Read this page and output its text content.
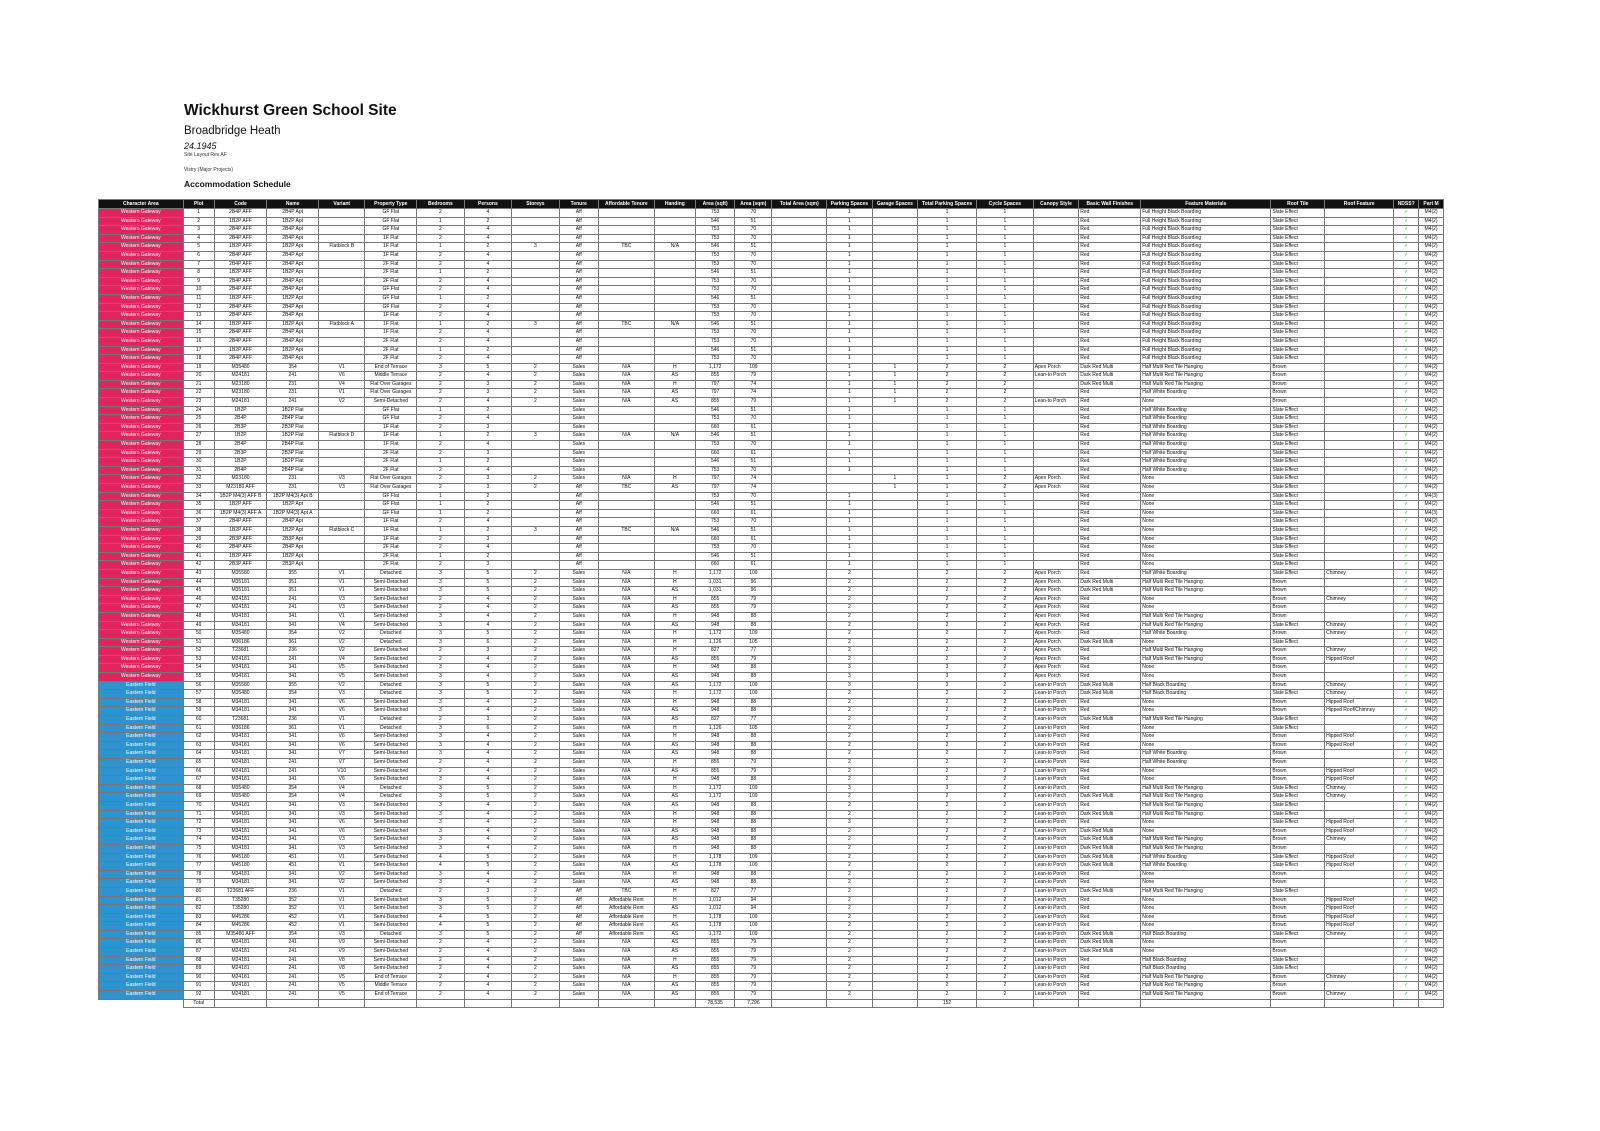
Wickhurst Green School Site
Broadbridge Heath
24.1945
Site Layout Rev AF
Vistry (Major Projects)
Accommodation Schedule
Character Area	Plot	Code	Name	Variant	Property Type	Bedrooms	Persons	Storeys	Tenure	Affordable Tenure	Handing	Area (sqft)	Area (sqm)	Total Area (sqm)	Parking Spaces	Garage Spaces	Total Parking Spaces	Cycle Spaces	Canopy Style	Basic Wall Finishes	Feature Materials	Roof Tile	Roof Feature	NDSS?	Part M
Western Gateway	1	2B4P AFF	2B4P Apt		GF Flat	2	4		Aff			753	70		1		1	1		Red	Full Height Black Boarding	Slate Effect		✓	M4(2)
Western Gateway	2	1B2P AFF	1B2P Apt		GF Flat	1	2		Aff			546	51		1		1	1		Red	Full Height Black Boarding	Slate Effect		✓	M4(2)
Western Gateway	3	2B4P AFF	2B4P Apt		GF Flat	2	4		Aff			753	70		1		1	1		Red	Full Height Black Boarding	Slate Effect		✓	M4(2)
Western Gateway	4	2B4P AFF	2B4P Apt		1F Flat	2	4		Aff			753	70		1		1	1		Red	Full Height Black Boarding	Slate Effect		✓	M4(2)
Western Gateway	5	1B2P AFF	1B2P Apt	Flatblock B	1F Flat	1	2	3	Aff	TBC	N/A	546	51		1		1	1		Red	Full Height Black Boarding	Slate Effect		✓	M4(2)
Western Gateway	6	2B4P AFF	2B4P Apt		1F Flat	2	4		Aff			753	70		1		1	1		Red	Full Height Black Boarding	Slate Effect		✓	M4(2)
Western Gateway	7	2B4P AFF	2B4P Apt		2F Flat	2	4		Aff			753	70		1		1	1		Red	Full Height Black Boarding	Slate Effect		✓	M4(2)
Western Gateway	8	1B2P AFF	1B2P Apt		2F Flat	1	2		Aff			546	51		1		1	1		Red	Full Height Black Boarding	Slate Effect		✓	M4(2)
Western Gateway	9	2B4P AFF	2B4P Apt		2F Flat	2	4		Aff			753	70		1		1	1		Red	Full Height Black Boarding	Slate Effect		✓	M4(2)
Western Gateway	10	2B4P AFF	2B4P Apt		GF Flat	2	4		Aff			753	70		1		1	1		Red	Full Height Black Boarding	Slate Effect		✓	M4(2)
Western Gateway	11	1B2P AFF	1B2P Apt		GF Flat	1	2		Aff			546	51		1		1	1		Red	Full Height Black Boarding	Slate Effect		✓	M4(2)
Western Gateway	12	2B4P AFF	2B4P Apt		GF Flat	2	4		Aff			753	70		1		1	1		Red	Full Height Black Boarding	Slate Effect		✓	M4(2)
Western Gateway	13	2B4P AFF	2B4P Apt		1F Flat	2	4		Aff			753	70		1		1	1		Red	Full Height Black Boarding	Slate Effect		✓	M4(2)
Western Gateway	14	1B2P AFF	1B2P Apt	Flatblock A	1F Flat	1	2	3	Aff	TBC	N/A	546	51		1		1	1		Red	Full Height Black Boarding	Slate Effect		✓	M4(2)
Western Gateway	15	2B4P AFF	2B4P Apt		1F Flat	2	4		Aff			753	70		1		1	1		Red	Full Height Black Boarding	Slate Effect		✓	M4(2)
Western Gateway	16	2B4P AFF	2B4P Apt		2F Flat	2	4		Aff			753	70		1		1	1		Red	Full Height Black Boarding	Slate Effect		✓	M4(2)
Western Gateway	17	1B2P AFF	1B2P Apt		2F Flat	1	2		Aff			546	51		1		1	1		Red	Full Height Black Boarding	Slate Effect		✓	M4(2)
Western Gateway	18	2B4P AFF	2B4P Apt		2F Flat	2	4		Aff			753	70		1		1	1		Red	Full Height Black Boarding	Slate Effect		✓	M4(2)
Western Gateway	19	M35480	354	V1	End of Terrace	3	5	2	Sales	N/A	H	1,172	109		1	1	2	2	Apex Porch	Dark Red Multi	Half Multi Red Tile Hanging	Brown		✓	M4(2)
Western Gateway	20	M24181	241	V6	Middle Terrace	2	4	2	Sales	N/A	AS	855	79		1	1	2	2	Lean-to Porch	Dark Red Multi	Half Multi Red Tile Hanging	Brown		✓	M4(2)
Western Gateway	21	M23180	231	V4	Flat Over Garages	2	3	2	Sales	N/A	H	797	74		1	1	2	2		Dark Red Multi	Half Multi Red Tile Hanging	Brown		✓	M4(2)
Western Gateway	22	M23180	231	V1	Flat Over Garages	2	3	2	Sales	N/A	AS	797	74		1	1	2	2		Red	Half White Boarding	Brown		✓	M4(2)
Western Gateway	23	M24181	241	V2	Semi-Detached	2	4	2	Sales	N/A	AS	855	79		1	1	2	2	Lean-to Porch	Red	None	Brown		✓	M4(2)
Western Gateway	24	1B2P	1B2P Flat		GF Flat	1	2		Sales			546	51		1		1	1		Red	Half White Boarding	Slate Effect		✓	M4(2)
Western Gateway	25	2B4P	2B4P Flat		GF Flat	2	4		Sales			753	70		1		1	1		Red	Half White Boarding	Slate Effect		✓	M4(2)
Western Gateway	26	2B3P	2B3P Flat		1F Flat	2	3		Sales			660	61		1		1	1		Red	Half White Boarding	Slate Effect		✓	M4(2)
Western Gateway	27	1B2P	1B2P Flat	Flatblock D	1F Flat	1	2	3	Sales	N/A	N/A	546	51		1		1	1		Red	Half White Boarding	Slate Effect		✓	M4(2)
Western Gateway	28	2B4P	2B4P Flat		1F Flat	2	4		Sales			753	70		1		1	1		Red	Half White Boarding	Slate Effect		✓	M4(2)
Western Gateway	29	2B3P	2B3P Flat		2F Flat	2	3		Sales			660	61		1		1	1		Red	Half White Boarding	Slate Effect		✓	M4(2)
Western Gateway	30	1B2P	1B2P Flat		2F Flat	1	2		Sales			546	51		1		1	1		Red	Half White Boarding	Slate Effect		✓	M4(2)
Western Gateway	31	2B4P	2B4P Flat		2F Flat	2	4		Sales			753	70		1		1	1		Red	Half White Boarding	Slate Effect		✓	M4(2)
Western Gateway	32	M23180	231	V3	Flat Over Garages	2	3	2	Sales	N/A	H	797	74			1	1	2	Apex Porch	Red	None	Slate Effect		✓	M4(2)
Western Gateway	33	M23180 AFF	231	V3	Flat Over Garages	2	3	2	Aff	TBC	AS	797	74			1	1	2	Apex Porch	Red	None	Slate Effect		✓	M4(2)
Western Gateway	34	1B2P M4(3) AFF B	1B2P M4(3) Apt B		GF Flat	1	2		Aff			753	70		1		1	1		Red	None	Slate Effect		✓	M4(3)
Western Gateway	35	1B2P AFF	1B2P Apt		GF Flat	1	2		Aff			546	51		1		1	1		Red	None	Slate Effect		✓	M4(2)
Western Gateway	36	1B2P M4(3) AFF A	1B2P M4(3) Apt A		GF Flat	1	2		Aff			660	61		1		1	1		Red	None	Slate Effect		✓	M4(3)
Western Gateway	37	2B4P AFF	2B4P Apt		1F Flat	2	4		Aff			753	70		1		1	1		Red	None	Slate Effect		✓	M4(2)
Western Gateway	38	1B2P AFF	1B2P Apt	Flatblock C	1F Flat	1	2	3	Aff	TBC	N/A	546	51		1		1	1		Red	None	Slate Effect		✓	M4(2)
Western Gateway	39	2B3P AFF	2B3P Apt		1F Flat	2	3		Aff			660	61		1		1	1		Red	None	Slate Effect		✓	M4(2)
Western Gateway	40	2B4P AFF	2B4P Apt		2F Flat	2	4		Aff			753	70		1		1	1		Red	None	Slate Effect		✓	M4(2)
Western Gateway	41	1B2P AFF	1B2P Apt		2F Flat	1	2		Aff			546	51		1		1	1		Red	None	Slate Effect		✓	M4(2)
Western Gateway	42	2B3P AFF	2B3P Apt		2F Flat	2	3		Aff			660	61		1		1	1		Red	None	Slate Effect		✓	M4(2)
Western Gateway	43	M35580	355	V1	Detached	3	5	2	Sales	N/A	H	1,172	109		2		2	2	Apex Porch	Red	Half White Boarding	Slate Effect	Chimney	✓	M4(2)
Western Gateway	44	M35181	351	V1	Semi-Detached	3	5	2	Sales	N/A	H	1,031	96		2		2	2	Apex Porch	Dark Red Multi	Half Multi Red Tile Hanging	Brown		✓	M4(2)
Western Gateway	45	M35181	351	V1	Semi-Detached	3	5	2	Sales	N/A	AS	1,031	96		2		2	2	Apex Porch	Dark Red Multi	Half Multi Red Tile Hanging	Brown		✓	M4(2)
Western Gateway	46	M24181	241	V3	Semi-Detached	2	4	2	Sales	N/A	H	855	79		2		2	2	Apex Porch	Red	None	Brown	Chimney	✓	M4(2)
Western Gateway	47	M24181	241	V3	Semi-Detached	2	4	2	Sales	N/A	AS	855	79		2		2	2	Apex Porch	Red	None	Brown		✓	M4(2)
Western Gateway	48	M34181	341	V1	Semi-Detached	3	4	2	Sales	N/A	H	948	88		2		2	2	Apex Porch	Red	Half Multi Red Tile Hanging	Brown		✓	M4(2)
Western Gateway	49	M34181	341	V4	Semi-Detached	3	4	2	Sales	N/A	AS	948	88		2		2	2	Apex Porch	Red	Half Multi Red Tile Hanging	Slate Effect	Chimney	✓	M4(2)
Western Gateway	50	M35480	354	V2	Detached	3	5	2	Sales	N/A	H	1,172	109		2		2	2	Apex Porch	Red	Half White Boarding	Brown	Chimney	✓	M4(2)
Western Gateway	51	M36186	361	V2	Detached	3	6	2	Sales	N/A	H	1,126	105		2		2	2	Apex Porch	Dark Red Multi	None	Slate Effect		✓	M4(2)
Western Gateway	52	T23681	236	V2	Semi-Detached	2	3	2	Sales	N/A	H	827	77		2		2	2	Apex Porch	Red	Half Multi Red Tile Hanging	Brown	Chimney	✓	M4(2)
Western Gateway	53	M24181	241	V4	Semi-Detached	2	4	2	Sales	N/A	AS	855	79		2		2	2	Apex Porch	Red	Half Multi Red Tile Hanging	Brown	Hipped Roof	✓	M4(2)
Western Gateway	54	M34181	341	V5	Semi-Detached	3	4	2	Sales	N/A	H	948	88		3		3	2	Apex Porch	Red	None	Brown		✓	M4(2)
Western Gateway	55	M34181	341	V5	Semi-Detached	3	4	2	Sales	N/A	AS	948	88		3		3	2	Apex Porch	Red	None	Brown		✓	M4(2)
Eastern Field	56	M35580	355	V2	Detached	3	5	2	Sales	N/A	AS	1,172	109		3		3	2	Lean-to Porch	Dark Red Multi	Half Black Boarding	Brown	Chimney	✓	M4(2)
Eastern Field	57	M35480	354	V3	Detached	3	5	2	Sales	N/A	H	1,172	109		2		2	2	Lean-to Porch	Dark Red Multi	Half Black Boarding	Slate Effect	Chimney	✓	M4(2)
Eastern Field	58	M34181	341	V6	Semi-Detached	3	4	2	Sales	N/A	H	948	88		2		2	2	Lean-to Porch	Red	None	Brown	Hipped Roof	✓	M4(2)
Eastern Field	59	M34181	341	V6	Semi-Detached	3	4	2	Sales	N/A	AS	948	88		2		2	2	Lean-to Porch	Red	None	Brown	Hipped Roof/Chimney	✓	M4(2)
Eastern Field	60	T23681	236	V1	Detached	2	3	2	Sales	N/A	AS	827	77		2		2	2	Lean-to Porch	Dark Red Multi	Half Multi Red Tile Hanging	Slate Effect		✓	M4(2)
Eastern Field	61	M36186	361	V1	Detached	3	6	2	Sales	N/A	H	1,126	105		2		2	2	Lean-to Porch	Red	None	Slate Effect		✓	M4(2)
Eastern Field	62	M34181	341	V6	Semi-Detached	3	4	2	Sales	N/A	H	948	88		2		2	2	Lean-to Porch	Red	None	Brown	Hipped Roof	✓	M4(2)
Eastern Field	63	M34181	341	V6	Semi-Detached	3	4	2	Sales	N/A	AS	948	88		2		2	2	Lean-to Porch	Red	None	Brown	Hipped Roof	✓	M4(2)
Eastern Field	64	M34181	341	V7	Semi-Detached	3	4	2	Sales	N/A	AS	948	88		2		2	2	Lean-to Porch	Red	Half White Boarding	Brown		✓	M4(2)
Eastern Field	65	M24181	241	V7	Semi-Detached	2	4	2	Sales	N/A	H	855	79		2		2	2	Lean-to Porch	Red	Half White Boarding	Brown		✓	M4(2)
Eastern Field	66	M24181	241	V10	Semi-Detached	2	4	2	Sales	N/A	AS	855	79		2		2	2	Lean-to Porch	Red	None	Brown	Hipped Roof	✓	M4(2)
Eastern Field	67	M34181	341	V6	Semi-Detached	3	4	2	Sales	N/A	H	948	88		2		2	2	Lean-to Porch	Red	None	Brown	Hipped Roof	✓	M4(2)
Eastern Field	68	M35480	354	V4	Detached	3	5	2	Sales	N/A	H	1,172	109		3		3	2	Lean-to Porch	Red	Half Multi Red Tile Hanging	Slate Effect	Chimney	✓	M4(2)
Eastern Field	69	M35480	354	V4	Detached	3	5	2	Sales	N/A	AS	1,172	109		2		2	2	Lean-to Porch	Dark Red Multi	Half Multi Red Tile Hanging	Slate Effect	Chimney	✓	M4(2)
Eastern Field	70	M34181	341	V3	Semi-Detached	3	4	2	Sales	N/A	AS	948	88		2		2	2	Lean-to Porch	Red	Half Multi Red Tile Hanging	Slate Effect		✓	M4(2)
Eastern Field	71	M34181	341	V3	Semi-Detached	3	4	2	Sales	N/A	H	948	88		2		2	2	Lean-to Porch	Dark Red Multi	Half Multi Red Tile Hanging	Slate Effect		✓	M4(2)
Eastern Field	72	M34181	341	V6	Semi-Detached	3	4	2	Sales	N/A	H	948	88		3		2	2	Lean-to Porch	Red	None	Slate Effect	Hipped Roof	✓	M4(2)
Eastern Field	73	M34181	341	V6	Semi-Detached	3	4	2	Sales	N/A	AS	948	88		2		2	2	Lean-to Porch	Dark Red Multi	None	Brown	Hipped Roof	✓	M4(2)
Eastern Field	74	M34181	341	V3	Semi-Detached	3	4	2	Sales	N/A	AS	948	88		2		2	2	Lean-to Porch	Dark Red Multi	Half Multi Red Tile Hanging	Brown	Chimney	✓	M4(2)
Eastern Field	75	M34181	341	V3	Semi-Detached	3	4	2	Sales	N/A	H	948	88		2		2	2	Lean-to Porch	Dark Red Multi	Half Multi Red Tile Hanging	Brown		✓	M4(2)
Eastern Field	76	M45180	451	V1	Semi-Detached	4	5	2	Sales	N/A	H	1,178	109		2		2	2	Lean-to Porch	Dark Red Multi	Half White Boarding	Slate Effect	Hipped Roof	✓	M4(2)
Eastern Field	77	M45180	451	V1	Semi-Detached	4	5	2	Sales	N/A	AS	1,178	109		2		2	2	Lean-to Porch	Dark Red Multi	Half White Boarding	Slate Effect	Hipped Roof	✓	M4(2)
Eastern Field	78	M34181	341	V2	Semi-Detached	3	4	2	Sales	N/A	H	948	88		2		2	2	Lean-to Porch	Red	None	Brown		✓	M4(2)
Eastern Field	79	M34181	341	V2	Semi-Detached	3	4	2	Sales	N/A	AS	948	88		2		2	2	Lean-to Porch	Red	None	Brown		✓	M4(2)
Eastern Field	80	T23681 AFF	236	V1	Detached	2	3	2	Aff	TBC	H	827	77		2		2	2	Lean-to Porch	Dark Red Multi	Half Multi Red Tile Hanging	Slate Effect		✓	M4(2)
Eastern Field	81	T35280	352	V1	Semi-Detached	3	5	2	Aff	Affordable Rent	H	1,012	94		2		2	2	Lean-to Porch	Red	None	Brown	Hipped Roof	✓	M4(2)
Eastern Field	82	T35280	352	V1	Semi-Detached	3	5	2	Aff	Affordable Rent	AS	1,012	94		2		2	2	Lean-to Porch	Red	None	Brown	Hipped Roof	✓	M4(2)
Eastern Field	83	M45286	452	V1	Semi-Detached	4	5	2	Aff	Affordable Rent	H	1,178	109		2		2	2	Lean-to Porch	Red	None	Brown	Hipped Roof	✓	M4(2)
Eastern Field	84	M45286	452	V1	Semi-Detached	4	5	2	Aff	Affordable Rent	AS	1,178	109		2		2	2	Lean-to Porch	Red	None	Brown	Hipped Roof	✓	M4(2)
Eastern Field	85	M35480 AFF	354	V3	Detached	3	5	2	Aff	Affordable Rent	AS	1,172	109		2		2	2	Lean-to Porch	Dark Red Multi	Half Black Boarding	Slate Effect	Chimney	✓	M4(2)
Eastern Field	86	M24181	241	V9	Semi-Detached	2	4	2	Sales	N/A	AS	855	79		2		2	2	Lean-to Porch	Dark Red Multi	None	Brown		✓	M4(2)
Eastern Field	87	M24181	241	V9	Semi-Detached	2	4	2	Sales	N/A	AS	855	79		2		2	2	Lean-to Porch	Dark Red Multi	None	Brown		✓	M4(2)
Eastern Field	88	M24181	241	V8	Semi-Detached	2	4	2	Sales	N/A	H	855	79		2		2	2	Lean-to Porch	Red	Half Black Boarding	Slate Effect		✓	M4(2)
Eastern Field	89	M24181	241	V8	Semi-Detached	2	4	2	Sales	N/A	AS	855	79		2		2	2	Lean-to Porch	Red	Half Black Boarding	Slate Effect		✓	M4(2)
Eastern Field	90	M24181	241	V5	End of Terrace	2	4	2	Sales	N/A	H	855	79		2		2	2	Lean-to Porch	Red	Half Multi Red Tile Hanging	Brown	Chimney	✓	M4(2)
Eastern Field	91	M24181	241	V5	Middle Terrace	2	4	2	Sales	N/A	AS	855	79		2		2	2	Lean-to Porch	Red	Half Multi Red Tile Hanging	Brown		✓	M4(2)
Eastern Field	92	M24181	241	V5	End of Terrace	2	4	2	Sales	N/A	AS	855	79		2		2	2	Lean-to Porch	Red	Half Multi Red Tile Hanging	Brown	Chimney	✓	M4(2)
	Total											78,535	7,296				152								
